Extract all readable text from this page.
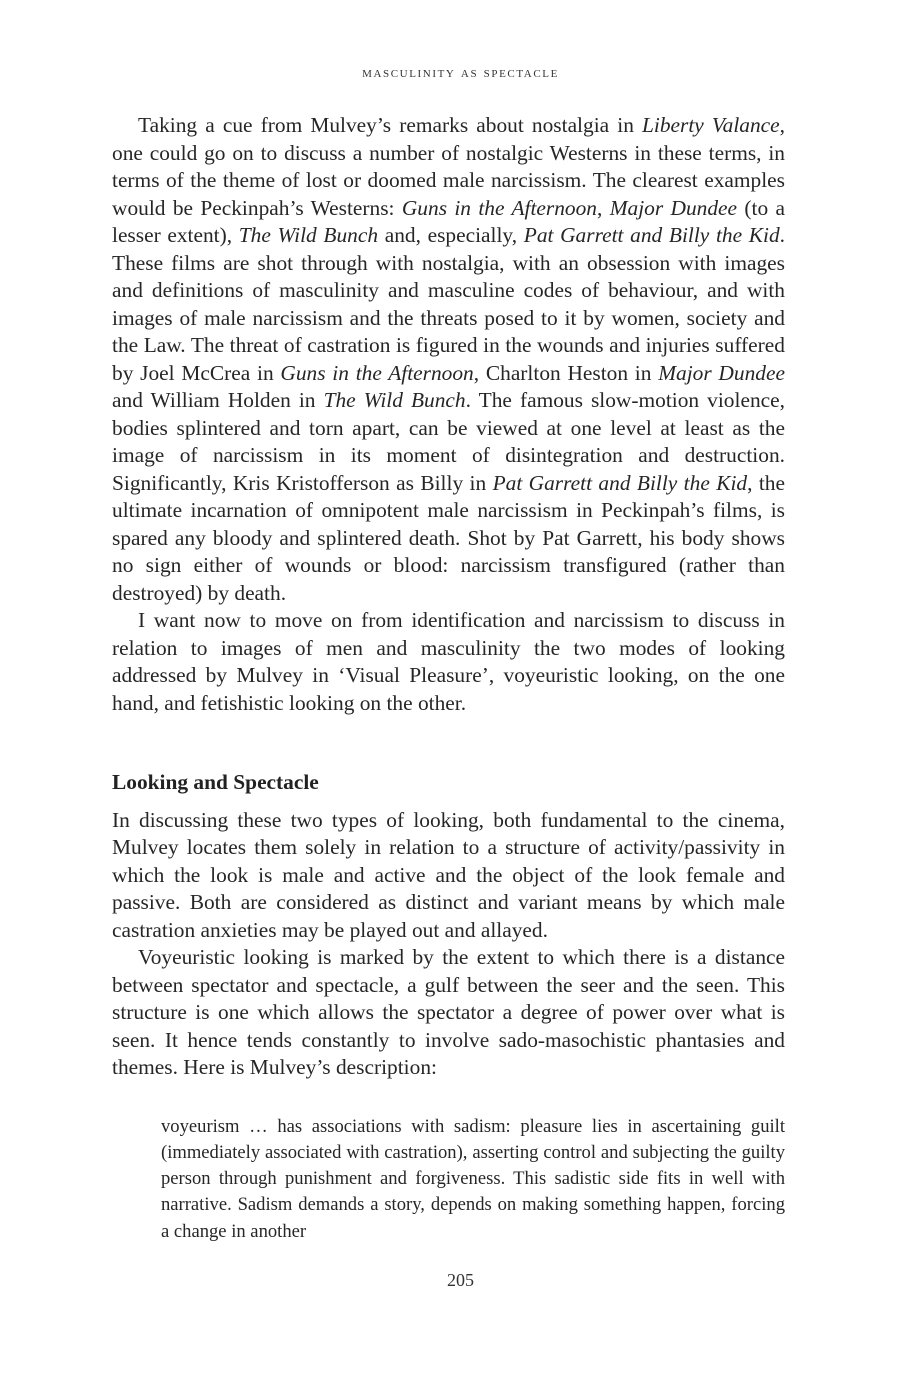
masculinity as spectacle

Taking a cue from Mulvey’s remarks about nostalgia in Liberty Valance, one could go on to discuss a number of nostalgic Westerns in these terms, in terms of the theme of lost or doomed male narcissism. The clearest examples would be Peckinpah’s Westerns: Guns in the Afternoon, Major Dundee (to a lesser extent), The Wild Bunch and, especially, Pat Garrett and Billy the Kid. These films are shot through with nostalgia, with an obsession with images and definitions of masculinity and masculine codes of behaviour, and with images of male narcissism and the threats posed to it by women, society and the Law. The threat of castration is figured in the wounds and injuries suffered by Joel McCrea in Guns in the Afternoon, Charlton Heston in Major Dundee and William Holden in The Wild Bunch. The famous slow-motion violence, bodies splintered and torn apart, can be viewed at one level at least as the image of narcissism in its moment of disintegration and destruction. Significantly, Kris Kristofferson as Billy in Pat Garrett and Billy the Kid, the ultimate incarnation of omnipotent male narcissism in Peckinpah’s films, is spared any bloody and splintered death. Shot by Pat Garrett, his body shows no sign either of wounds or blood: narcissism transfigured (rather than destroyed) by death.

I want now to move on from identification and narcissism to discuss in relation to images of men and masculinity the two modes of looking addressed by Mulvey in ‘Visual Pleasure’, voyeuristic looking, on the one hand, and fetishistic looking on the other.

Looking and Spectacle

In discussing these two types of looking, both fundamental to the cinema, Mulvey locates them solely in relation to a structure of activity/passivity in which the look is male and active and the object of the look female and passive. Both are considered as distinct and variant means by which male castration anxieties may be played out and allayed.

Voyeuristic looking is marked by the extent to which there is a distance between spectator and spectacle, a gulf between the seer and the seen. This structure is one which allows the spectator a degree of power over what is seen. It hence tends constantly to involve sado-masochistic phantasies and themes. Here is Mulvey’s description:

voyeurism … has associations with sadism: pleasure lies in ascertaining guilt (immediately associated with castration), asserting control and subjecting the guilty person through punishment and forgiveness. This sadistic side fits in well with narrative. Sadism demands a story, depends on making something happen, forcing a change in another

205
